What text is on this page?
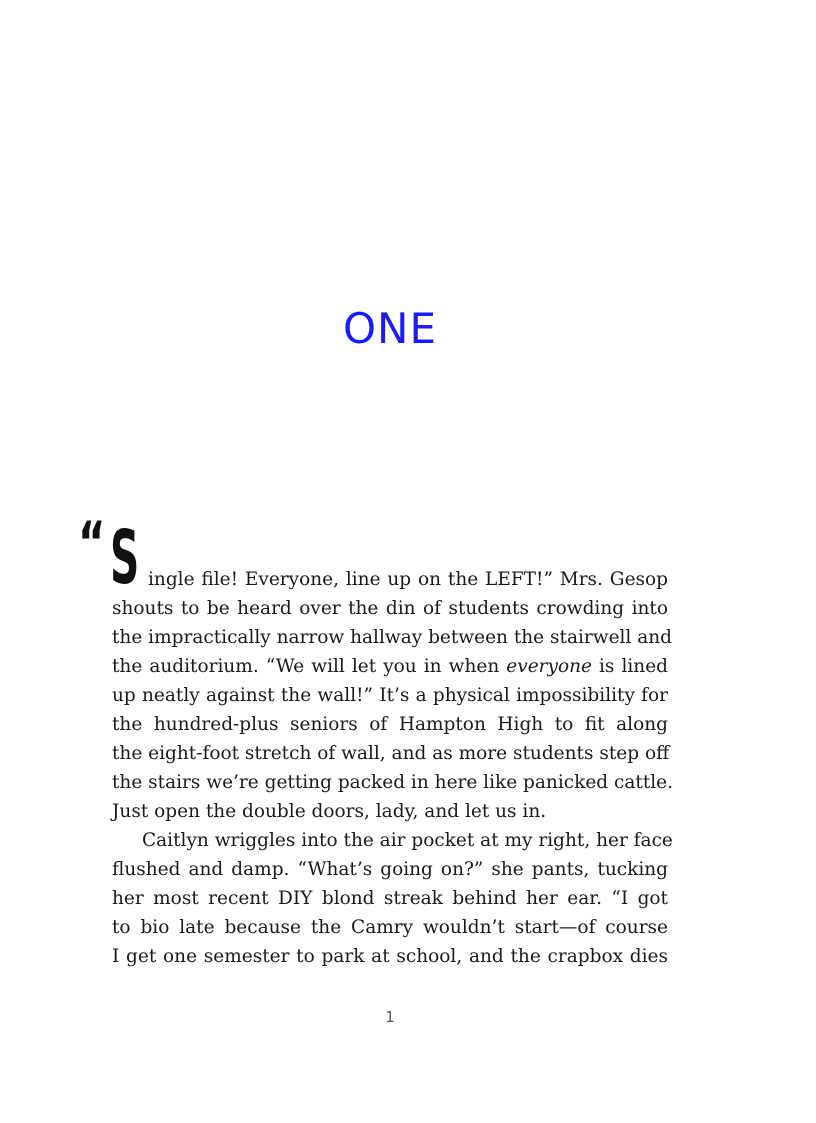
ONE
“ S ingle file! Everyone, line up on the LEFT!” Mrs. Gesop
shouts to be heard over the din of students crowding into
the impractically narrow hallway between the stairwell and
the auditorium. “We will let you in when everyone is lined
up neatly against the wall!” It’s a physical impossibility for
the hundred-plus seniors of Hampton High to fit along
the eight-foot stretch of wall, and as more students step off
the stairs we’re getting packed in here like panicked cattle.
Just open the double doors, lady, and let us in.
Caitlyn wriggles into the air pocket at my right, her face
flushed and damp. “What’s going on?” she pants, tucking
her most recent DIY blond streak behind her ear. “I got
to bio late because the Camry wouldn’t start—of course
I get one semester to park at school, and the crapbox dies
1
